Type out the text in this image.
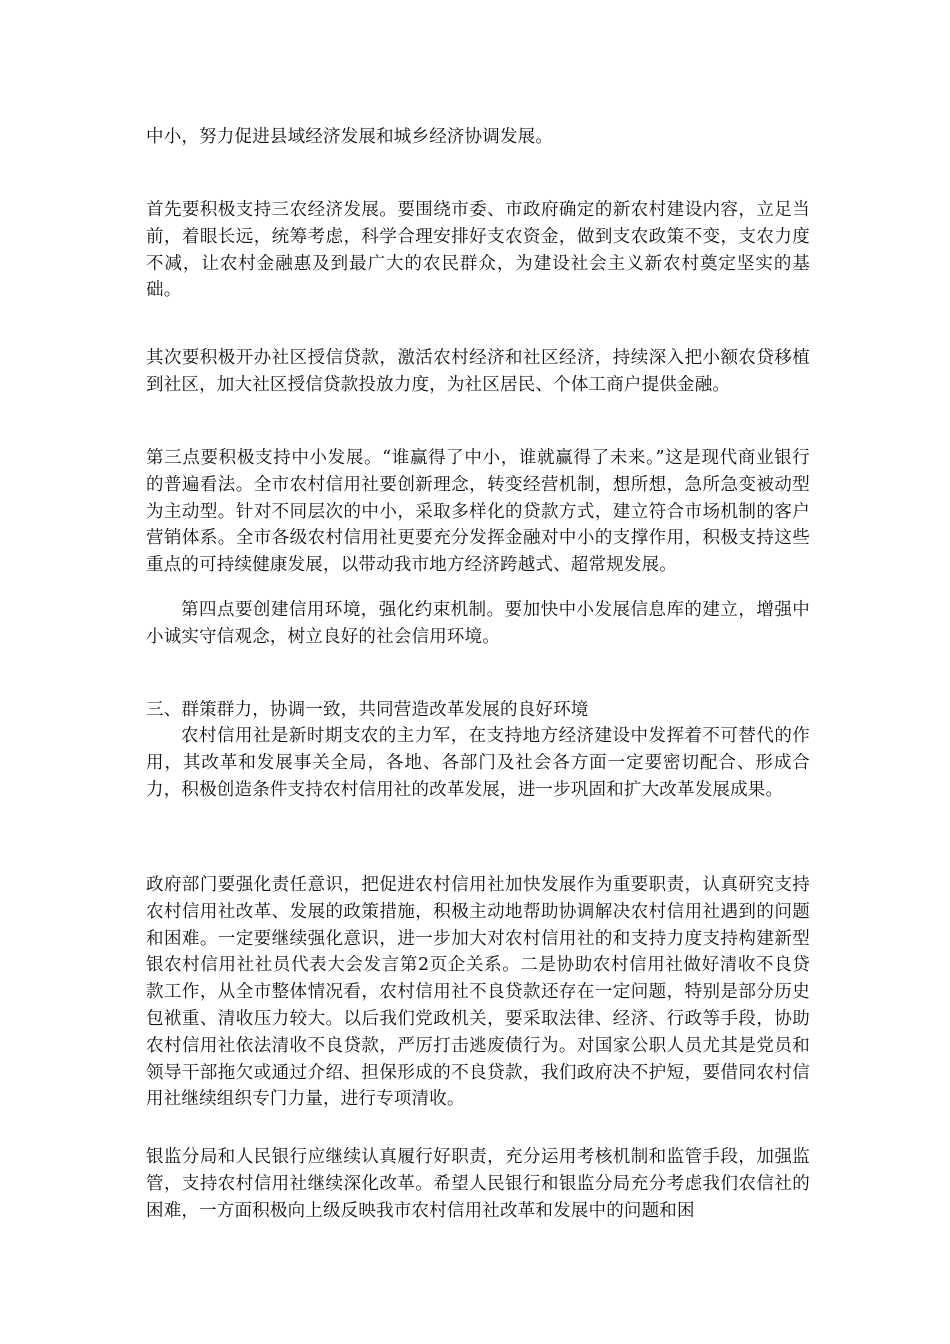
中小，努力促进县域经济发展和城乡经济协调发展。

首先要积极支持三农经济发展。要围绕市委、市政府确定的新农村建设内容，立足当前，着眼长远，统筹考虑，科学合理安排好支农资金，做到支农政策不变，支农力度不减，让农村金融惠及到最广大的农民群众，为建设社会主义新农村奠定坚实的基础。

其次要积极开办社区授信贷款，激活农村经济和社区经济，持续深入把小额农贷移植到社区，加大社区授信贷款投放力度，为社区居民、个体工商户提供金融。

第三点要积极支持中小发展。“谁赢得了中小，谁就赢得了未来。”这是现代商业银行的普遍看法。全市农村信用社要创新理念，转变经营机制，想所想，急所急变被动型为主动型。针对不同层次的中小，采取多样化的贷款方式，建立符合市场机制的客户营销体系。全市各级农村信用社更要充分发挥金融对中小的支撑作用，积极支持这些重点的可持续健康发展，以带动我市地方经济跨越式、超常规发展。

第四点要创建信用环境，强化约束机制。要加快中小发展信息库的建立，增强中小诚实守信观念，树立良好的社会信用环境。

三、群策群力，协调一致，共同营造改革发展的良好环境

农村信用社是新时期支农的主力军，在支持地方经济建设中发挥着不可替代的作用，其改革和发展事关全局，各地、各部门及社会各方面一定要密切配合、形成合力，积极创造条件支持农村信用社的改革发展，进一步巩固和扩大改革发展成果。

政府部门要强化责任意识，把促进农村信用社加快发展作为重要职责，认真研究支持农村信用社改革、发展的政策措施，积极主动地帮助协调解决农村信用社遇到的问题和困难。一定要继续强化意识，进一步加大对农村信用社的和支持力度支持构建新型银农村信用社社员代表大会发言第2页企关系。二是协助农村信用社做好清收不良贷款工作，从全市整体情况看，农村信用社不良贷款还存在一定问题，特别是部分历史包袱重、清收压力较大。以后我们党政机关，要采取法律、经济、行政等手段，协助农村信用社依法清收不良贷款，严厉打击逃废债行为。对国家公职人员尤其是党员和领导干部拖欠或通过介绍、担保形成的不良贷款，我们政府决不护短，要借同农村信用社继续组织专门力量，进行专项清收。

银监分局和人民银行应继续认真履行好职责，充分运用考核机制和监管手段，加强监管，支持农村信用社继续深化改革。希望人民银行和银监分局充分考虑我们农信社的困难，一方面积极向上级反映我市农村信用社改革和发展中的问题和困
